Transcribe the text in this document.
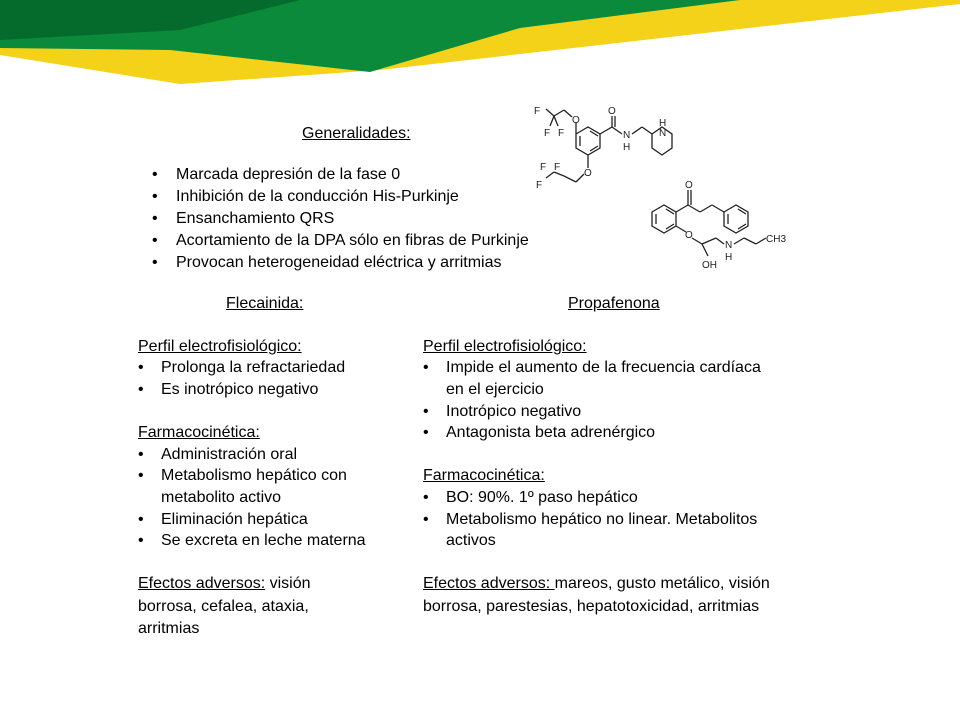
Generalidades:
•	Marcada depresión de la fase 0
•	Inhibición de la conducción His-Purkinje
•	Ensanchamiento QRS
•	Acortamiento de la DPA sólo en fibras de Purkinje
•	Provocan heterogeneidad eléctrica y arritmias
F
F F
O
O
N
H
H
N
F F
F
O
O
O
OH
N
H
CH3
Flecainida:
Perfil electrofisiológico:
•	Prolonga la refractariedad
•	Es inotrópico negativo
Farmacocinética:
•	Administración oral
•	Metabolismo hepático con
metabolito activo
•	Eliminación hepática
•	Se excreta en leche materna
Efectos adversos: visión
borrosa, cefalea, ataxia,
arritmias
Propafenona
Perfil electrofisiológico:
•	Impide el aumento de la frecuencia cardíaca
en el ejercicio
•	Inotrópico negativo
•	Antagonista beta adrenérgico
Farmacocinética:
•	BO: 90%. 1º paso hepático
•	Metabolismo hepático no linear. Metabolitos
activos
Efectos adversos: mareos, gusto metálico, visión
borrosa, parestesias, hepatotoxicidad, arritmias
